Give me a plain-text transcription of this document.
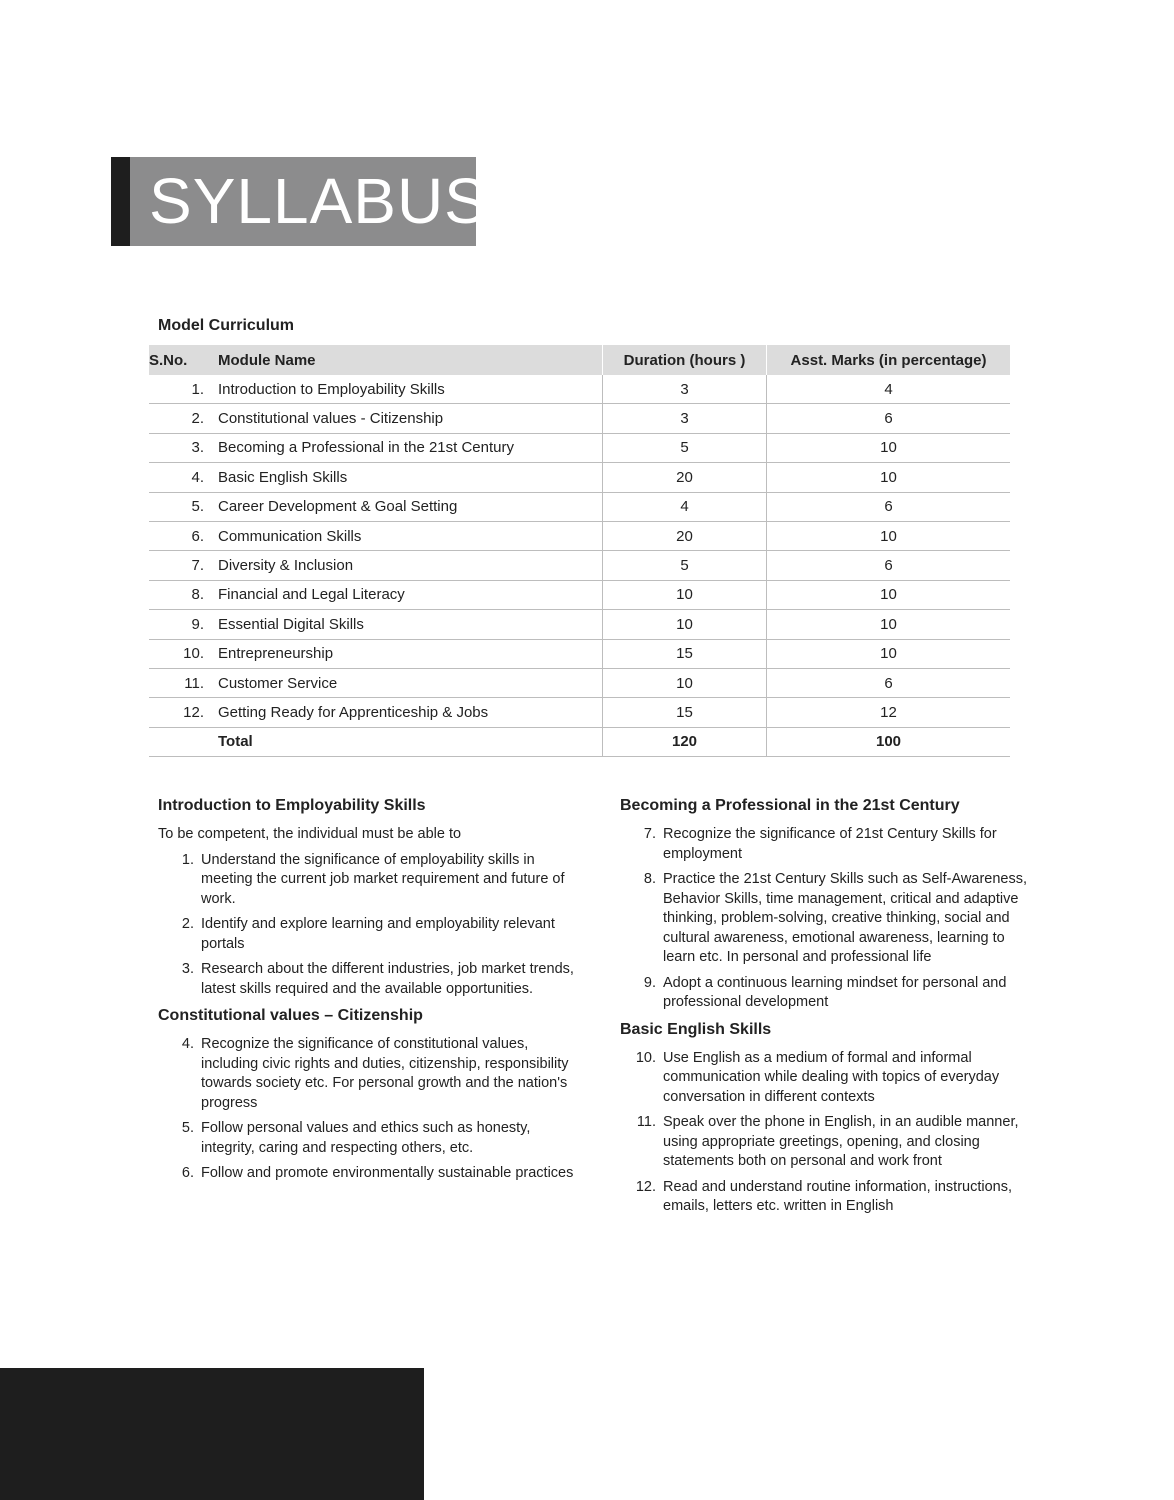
SYLLABUS
Model Curriculum
S.No.		Module Name	Duration (hours )	Asst. Marks (in percentage)
1.		Introduction to Employability Skills	3	4
2.		Constitutional values - Citizenship	3	6
3.		Becoming a Professional in the 21st Century	5	10
4.		Basic English Skills	20	10
5.		Career Development & Goal Setting	4	6
6.		Communication Skills	20	10
7.		Diversity & Inclusion	5	6
8.		Financial and Legal Literacy	10	10
9.		Essential Digital Skills	10	10
10.		Entrepreneurship	15	10
11.		Customer Service	10	6
12.		Getting Ready for Apprenticeship & Jobs	15	12
		Total	120	100
Introduction to Employability Skills
To be competent, the individual must be able to
1. Understand the significance of employability skills in meeting the current job market requirement and future of work.
2. Identify and explore learning and employability relevant portals
3. Research about the different industries, job market trends, latest skills required and the available opportunities.
Constitutional values – Citizenship
4. Recognize the significance of constitutional values, including civic rights and duties, citizenship, responsibility towards society etc. For personal growth and the nation's progress
5. Follow personal values and ethics such as honesty, integrity, caring and respecting others, etc.
6. Follow and promote environmentally sustainable practices
Becoming a Professional in the 21st Century
7. Recognize the significance of 21st Century Skills for employment
8. Practice the 21st Century Skills such as Self-Awareness, Behavior Skills, time management, critical and adaptive thinking, problem-solving, creative thinking, social and cultural awareness, emotional awareness, learning to learn etc. In personal and professional life
9. Adopt a continuous learning mindset for personal and professional development
Basic English Skills
10. Use English as a medium of formal and informal communication while dealing with topics of everyday conversation in different contexts
11. Speak over the phone in English, in an audible manner, using appropriate greetings, opening, and closing statements both on personal and work front
12. Read and understand routine information, instructions, emails, letters etc. written in English
